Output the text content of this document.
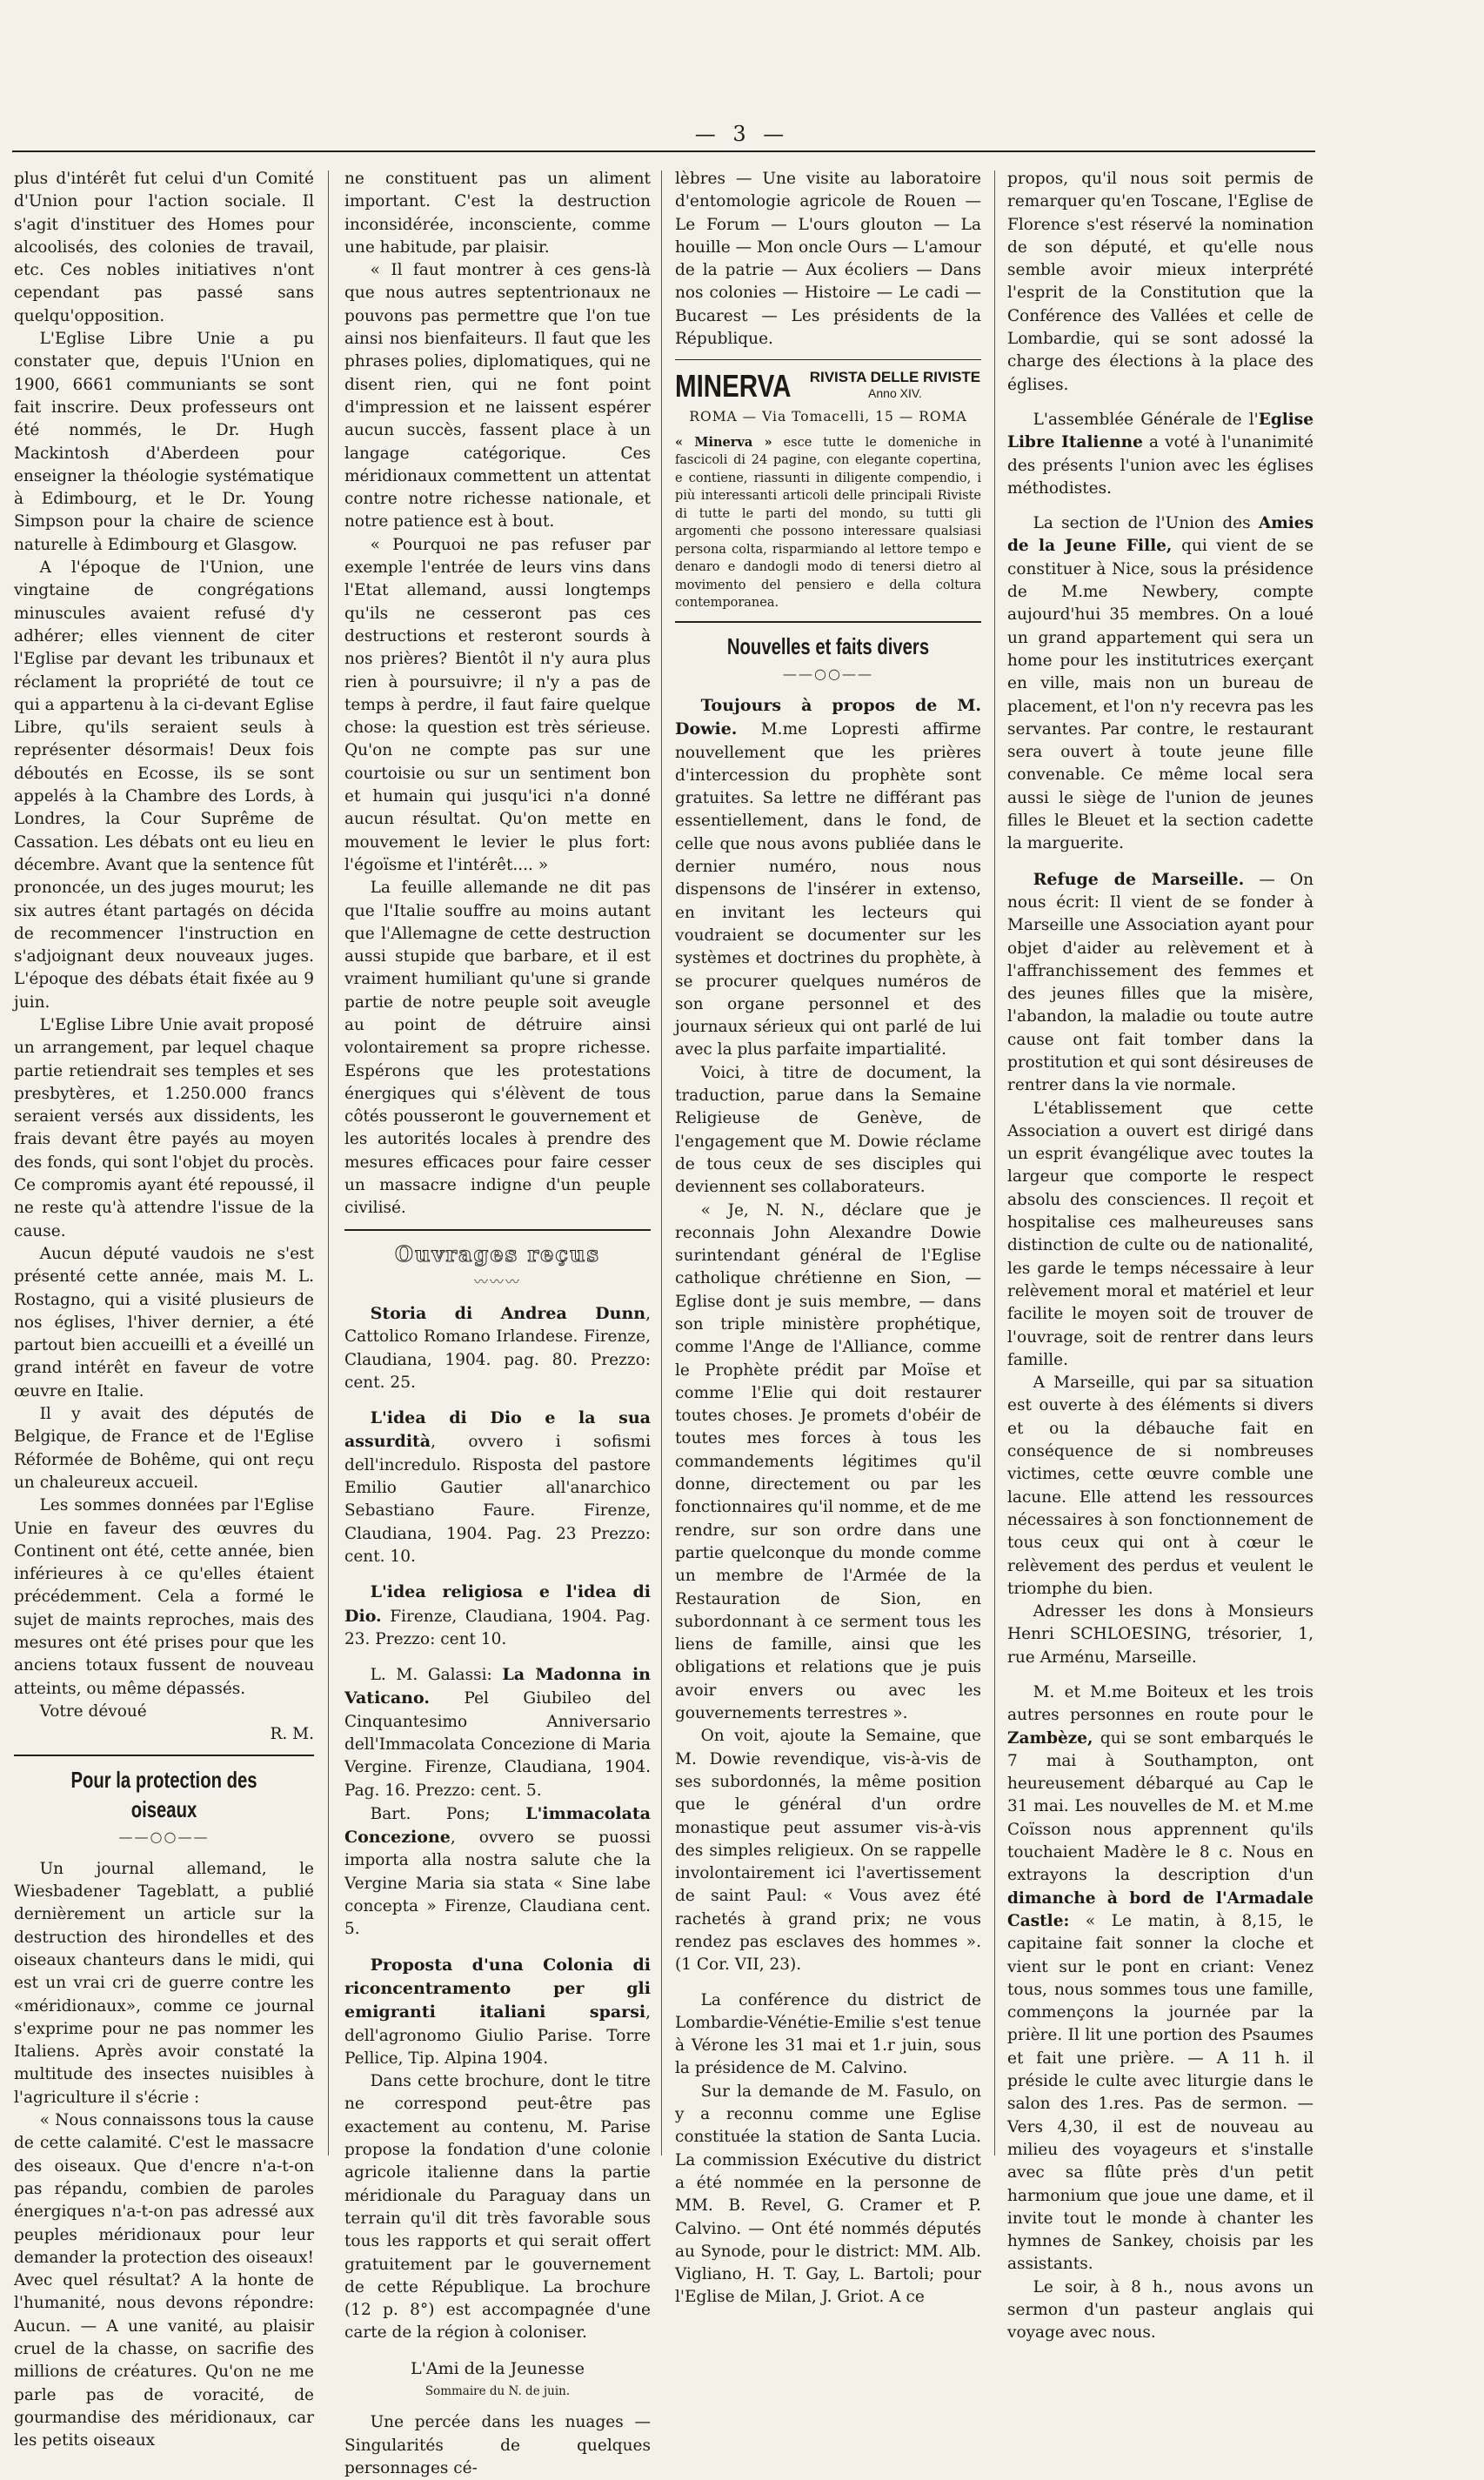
— 3 —

plus d'intérêt fut celui d'un Comité d'Union pour l'action sociale. Il s'agit d'instituer des Homes pour alcoolisés, des colonies de travail, etc. Ces nobles initiatives n'ont cependant pas passé sans quelqu'opposition.

L'Eglise Libre Unie a pu constater que, depuis l'Union en 1900, 6661 communiants se sont fait inscrire. Deux professeurs ont été nommés, le Dr. Hugh Mackintosh d'Aberdeen pour enseigner la théologie systématique à Edimbourg, et le Dr. Young Simpson pour la chaire de science naturelle à Edimbourg et Glasgow.

A l'époque de l'Union, une vingtaine de congrégations minuscules avaient refusé d'y adhérer; elles viennent de citer l'Eglise par devant les tribunaux et réclament la propriété de tout ce qui a appartenu à la ci-devant Eglise Libre, qu'ils seraient seuls à représenter désormais! Deux fois déboutés en Ecosse, ils se sont appelés à la Chambre des Lords, à Londres, la Cour Suprême de Cassation. Les débats ont eu lieu en décembre. Avant que la sentence fût prononcée, un des juges mourut; les six autres étant partagés on décida de recommencer l'instruction en s'adjoignant deux nouveaux juges. L'époque des débats était fixée au 9 juin.

L'Eglise Libre Unie avait proposé un arrangement, par lequel chaque partie retiendrait ses temples et ses presbytères, et 1.250.000 francs seraient versés aux dissidents, les frais devant être payés au moyen des fonds, qui sont l'objet du procès. Ce compromis ayant été repoussé, il ne reste qu'à attendre l'issue de la cause.

Aucun député vaudois ne s'est présenté cette année, mais M. L. Rostagno, qui a visité plusieurs de nos églises, l'hiver dernier, a été partout bien accueilli et a éveillé un grand intérêt en faveur de votre œuvre en Italie.

Il y avait des députés de Belgique, de France et de l'Eglise Réformée de Bohême, qui ont reçu un chaleureux accueil.

Les sommes données par l'Eglise Unie en faveur des œuvres du Continent ont été, cette année, bien inférieures à ce qu'elles étaient précédemment. Cela a formé le sujet de maints reproches, mais des mesures ont été prises pour que les anciens totaux fussent de nouveau atteints, ou même dépassés.

Votre dévoué
R. M.
Pour la protection des oiseaux
——○○——

Un journal allemand, le Wiesbadener Tageblatt, a publié dernièrement un article sur la destruction des hirondelles et des oiseaux chanteurs dans le midi, qui est un vrai cri de guerre contre les «méridionaux», comme ce journal s'exprime pour ne pas nommer les Italiens. Après avoir constaté la multitude des insectes nuisibles à l'agriculture il s'écrie :

« Nous connaissons tous la cause de cette calamité. C'est le massacre des oiseaux. Que d'encre n'a-t-on pas répandu, combien de paroles énergiques n'a-t-on pas adressé aux peuples méridionaux pour leur demander la protection des oiseaux! Avec quel résultat? A la honte de l'humanité, nous devons répondre: Aucun. — A une vanité, au plaisir cruel de la chasse, on sacrifie des millions de créatures. Qu'on ne me parle pas de voracité, de gourmandise des méridionaux, car les petits oiseaux

ne constituent pas un aliment important. C'est la destruction inconsidérée, inconsciente, comme une habitude, par plaisir.

« Il faut montrer à ces gens-là que nous autres septentrionaux ne pouvons pas permettre que l'on tue ainsi nos bienfaiteurs. Il faut que les phrases polies, diplomatiques, qui ne disent rien, qui ne font point d'impression et ne laissent espérer aucun succès, fassent place à un langage catégorique. Ces méridionaux commettent un attentat contre notre richesse nationale, et notre patience est à bout.

« Pourquoi ne pas refuser par exemple l'entrée de leurs vins dans l'Etat allemand, aussi longtemps qu'ils ne cesseront pas ces destructions et resteront sourds à nos prières? Bientôt il n'y aura plus rien à poursuivre; il n'y a pas de temps à perdre, il faut faire quelque chose: la question est très sérieuse. Qu'on ne compte pas sur une courtoisie ou sur un sentiment bon et humain qui jusqu'ici n'a donné aucun résultat. Qu'on mette en mouvement le levier le plus fort: l'égoïsme et l'intérêt.... »

La feuille allemande ne dit pas que l'Italie souffre au moins autant que l'Allemagne de cette destruction aussi stupide que barbare, et il est vraiment humiliant qu'une si grande partie de notre peuple soit aveugle au point de détruire ainsi volontairement sa propre richesse. Espérons que les protestations énergiques qui s'élèvent de tous côtés pousseront le gouvernement et les autorités locales à prendre des mesures efficaces pour faire cesser un massacre indigne d'un peuple civilisé.

Ouvrages reçus
〰〰〰

Storia di Andrea Dunn, Cattolico Romano Irlandese. Firenze, Claudiana, 1904. pag. 80. Prezzo: cent. 25.

L'idea di Dio e la sua assurdità, ovvero i sofismi dell'incredulo. Risposta del pastore Emilio Gautier all'anarchico Sebastiano Faure. Firenze, Claudiana, 1904. Pag. 23 Prezzo: cent. 10.

L'idea religiosa e l'idea di Dio. Firenze, Claudiana, 1904. Pag. 23. Prezzo: cent 10.

L. M. Galassi: La Madonna in Vaticano. Pel Giubileo del Cinquantesimo Anniversario dell'Immacolata Concezione di Maria Vergine. Firenze, Claudiana, 1904. Pag. 16. Prezzo: cent. 5.

Bart. Pons; L'immacolata Concezione, ovvero se puossi importa alla nostra salute che la Vergine Maria sia stata « Sine labe concepta » Firenze, Claudiana cent. 5.

Proposta d'una Colonia di riconcentramento per gli emigranti italiani sparsi, dell'agronomo Giulio Parise. Torre Pellice, Tip. Alpina 1904.

Dans cette brochure, dont le titre ne correspond peut-être pas exactement au contenu, M. Parise propose la fondation d'une colonie agricole italienne dans la partie méridionale du Paraguay dans un terrain qu'il dit très favorable sous tous les rapports et qui serait offert gratuitement par le gouvernement de cette République. La brochure (12 p. 8°) est accompagnée d'une carte de la région à coloniser.

L'Ami de la Jeunesse
Sommaire du N. de juin.

Une percée dans les nuages — Singularités de quelques personnages cé-

lèbres — Une visite au laboratoire d'entomologie agricole de Rouen — Le Forum — L'ours glouton — La houille — Mon oncle Ours — L'amour de la patrie — Aux écoliers — Dans nos colonies — Histoire — Le cadi — Bucarest — Les présidents de la République.

MINERVA RIVISTA DELLE RIVISTE
Anno XIV.
ROMA — Via Tomacelli, 15 — ROMA
« Minerva » esce tutte le domeniche in fascicoli di 24 pagine, con elegante copertina, e contiene, riassunti in diligente compendio, i più interessanti articoli delle principali Riviste di tutte le parti del mondo, su tutti gli argomenti che possono interessare qualsiasi persona colta, risparmiando al lettore tempo e denaro e dandogli modo di tenersi dietro al movimento del pensiero e della coltura contemporanea.
Nouvelles et faits divers
——○○——

Toujours à propos de M. Dowie. M.me Lopresti affirme nouvellement que les prières d'intercession du prophète sont gratuites. Sa lettre ne différant pas essentiellement, dans le fond, de celle que nous avons publiée dans le dernier numéro, nous nous dispensons de l'insérer in extenso, en invitant les lecteurs qui voudraient se documenter sur les systèmes et doctrines du prophète, à se procurer quelques numéros de son organe personnel et des journaux sérieux qui ont parlé de lui avec la plus parfaite impartialité.

Voici, à titre de document, la traduction, parue dans la Semaine Religieuse de Genève, de l'engagement que M. Dowie réclame de tous ceux de ses disciples qui deviennent ses collaborateurs.

« Je, N. N., déclare que je reconnais John Alexandre Dowie surintendant général de l'Eglise catholique chrétienne en Sion, — Eglise dont je suis membre, — dans son triple ministère prophétique, comme l'Ange de l'Alliance, comme le Prophète prédit par Moïse et comme l'Elie qui doit restaurer toutes choses. Je promets d'obéir de toutes mes forces à tous les commandements légitimes qu'il donne, directement ou par les fonctionnaires qu'il nomme, et de me rendre, sur son ordre dans une partie quelconque du monde comme un membre de l'Armée de la Restauration de Sion, en subordonnant à ce serment tous les liens de famille, ainsi que les obligations et relations que je puis avoir envers ou avec les gouvernements terrestres ».

On voit, ajoute la Semaine, que M. Dowie revendique, vis-à-vis de ses subordonnés, la même position que le général d'un ordre monastique peut assumer vis-à-vis des simples religieux. On se rappelle involontairement ici l'avertissement de saint Paul: « Vous avez été rachetés à grand prix; ne vous rendez pas esclaves des hommes ». (1 Cor. VII, 23).

La conférence du district de Lombardie-Vénétie-Emilie s'est tenue à Vérone les 31 mai et 1.r juin, sous la présidence de M. Calvino.

Sur la demande de M. Fasulo, on y a reconnu comme une Eglise constituée la station de Santa Lucia. La commission Exécutive du district a été nommée en la personne de MM. B. Revel, G. Cramer et P. Calvino. — Ont été nommés députés au Synode, pour le district: MM. Alb. Vigliano, H. T. Gay, L. Bartoli; pour l'Eglise de Milan, J. Griot. A ce

propos, qu'il nous soit permis de remarquer qu'en Toscane, l'Eglise de Florence s'est réservé la nomination de son député, et qu'elle nous semble avoir mieux interprété l'esprit de la Constitution que la Conférence des Vallées et celle de Lombardie, qui se sont adossé la charge des élections à la place des églises.

L'assemblée Générale de l'Eglise Libre Italienne a voté à l'unanimité des présents l'union avec les églises méthodistes.

La section de l'Union des Amies de la Jeune Fille, qui vient de se constituer à Nice, sous la présidence de M.me Newbery, compte aujourd'hui 35 membres. On a loué un grand appartement qui sera un home pour les institutrices exerçant en ville, mais non un bureau de placement, et l'on n'y recevra pas les servantes. Par contre, le restaurant sera ouvert à toute jeune fille convenable. Ce même local sera aussi le siège de l'union de jeunes filles le Bleuet et la section cadette la marguerite.

Refuge de Marseille. — On nous écrit: Il vient de se fonder à Marseille une Association ayant pour objet d'aider au relèvement et à l'affranchissement des femmes et des jeunes filles que la misère, l'abandon, la maladie ou toute autre cause ont fait tomber dans la prostitution et qui sont désireuses de rentrer dans la vie normale.

L'établissement que cette Association a ouvert est dirigé dans un esprit évangélique avec toutes la largeur que comporte le respect absolu des consciences. Il reçoit et hospitalise ces malheureuses sans distinction de culte ou de nationalité, les garde le temps nécessaire à leur relèvement moral et matériel et leur facilite le moyen soit de trouver de l'ouvrage, soit de rentrer dans leurs famille.

A Marseille, qui par sa situation est ouverte à des éléments si divers et ou la débauche fait en conséquence de si nombreuses victimes, cette œuvre comble une lacune. Elle attend les ressources nécessaires à son fonctionnement de tous ceux qui ont à cœur le relèvement des perdus et veulent le triomphe du bien.

Adresser les dons à Monsieurs Henri SCHLOESING, trésorier, 1, rue Arménu, Marseille.

M. et M.me Boiteux et les trois autres personnes en route pour le Zambèze, qui se sont embarqués le 7 mai à Southampton, ont heureusement débarqué au Cap le 31 mai. Les nouvelles de M. et M.me Coïsson nous apprennent qu'ils touchaient Madère le 8 c. Nous en extrayons la description d'un dimanche à bord de l'Armadale Castle: « Le matin, à 8,15, le capitaine fait sonner la cloche et vient sur le pont en criant: Venez tous, nous sommes tous une famille, commençons la journée par la prière. Il lit une portion des Psaumes et fait une prière. — A 11 h. il préside le culte avec liturgie dans le salon des 1.res. Pas de sermon. — Vers 4,30, il est de nouveau au milieu des voyageurs et s'installe avec sa flûte près d'un petit harmonium que joue une dame, et il invite tout le monde à chanter les hymnes de Sankey, choisis par les assistants.

Le soir, à 8 h., nous avons un sermon d'un pasteur anglais qui voyage avec nous.
